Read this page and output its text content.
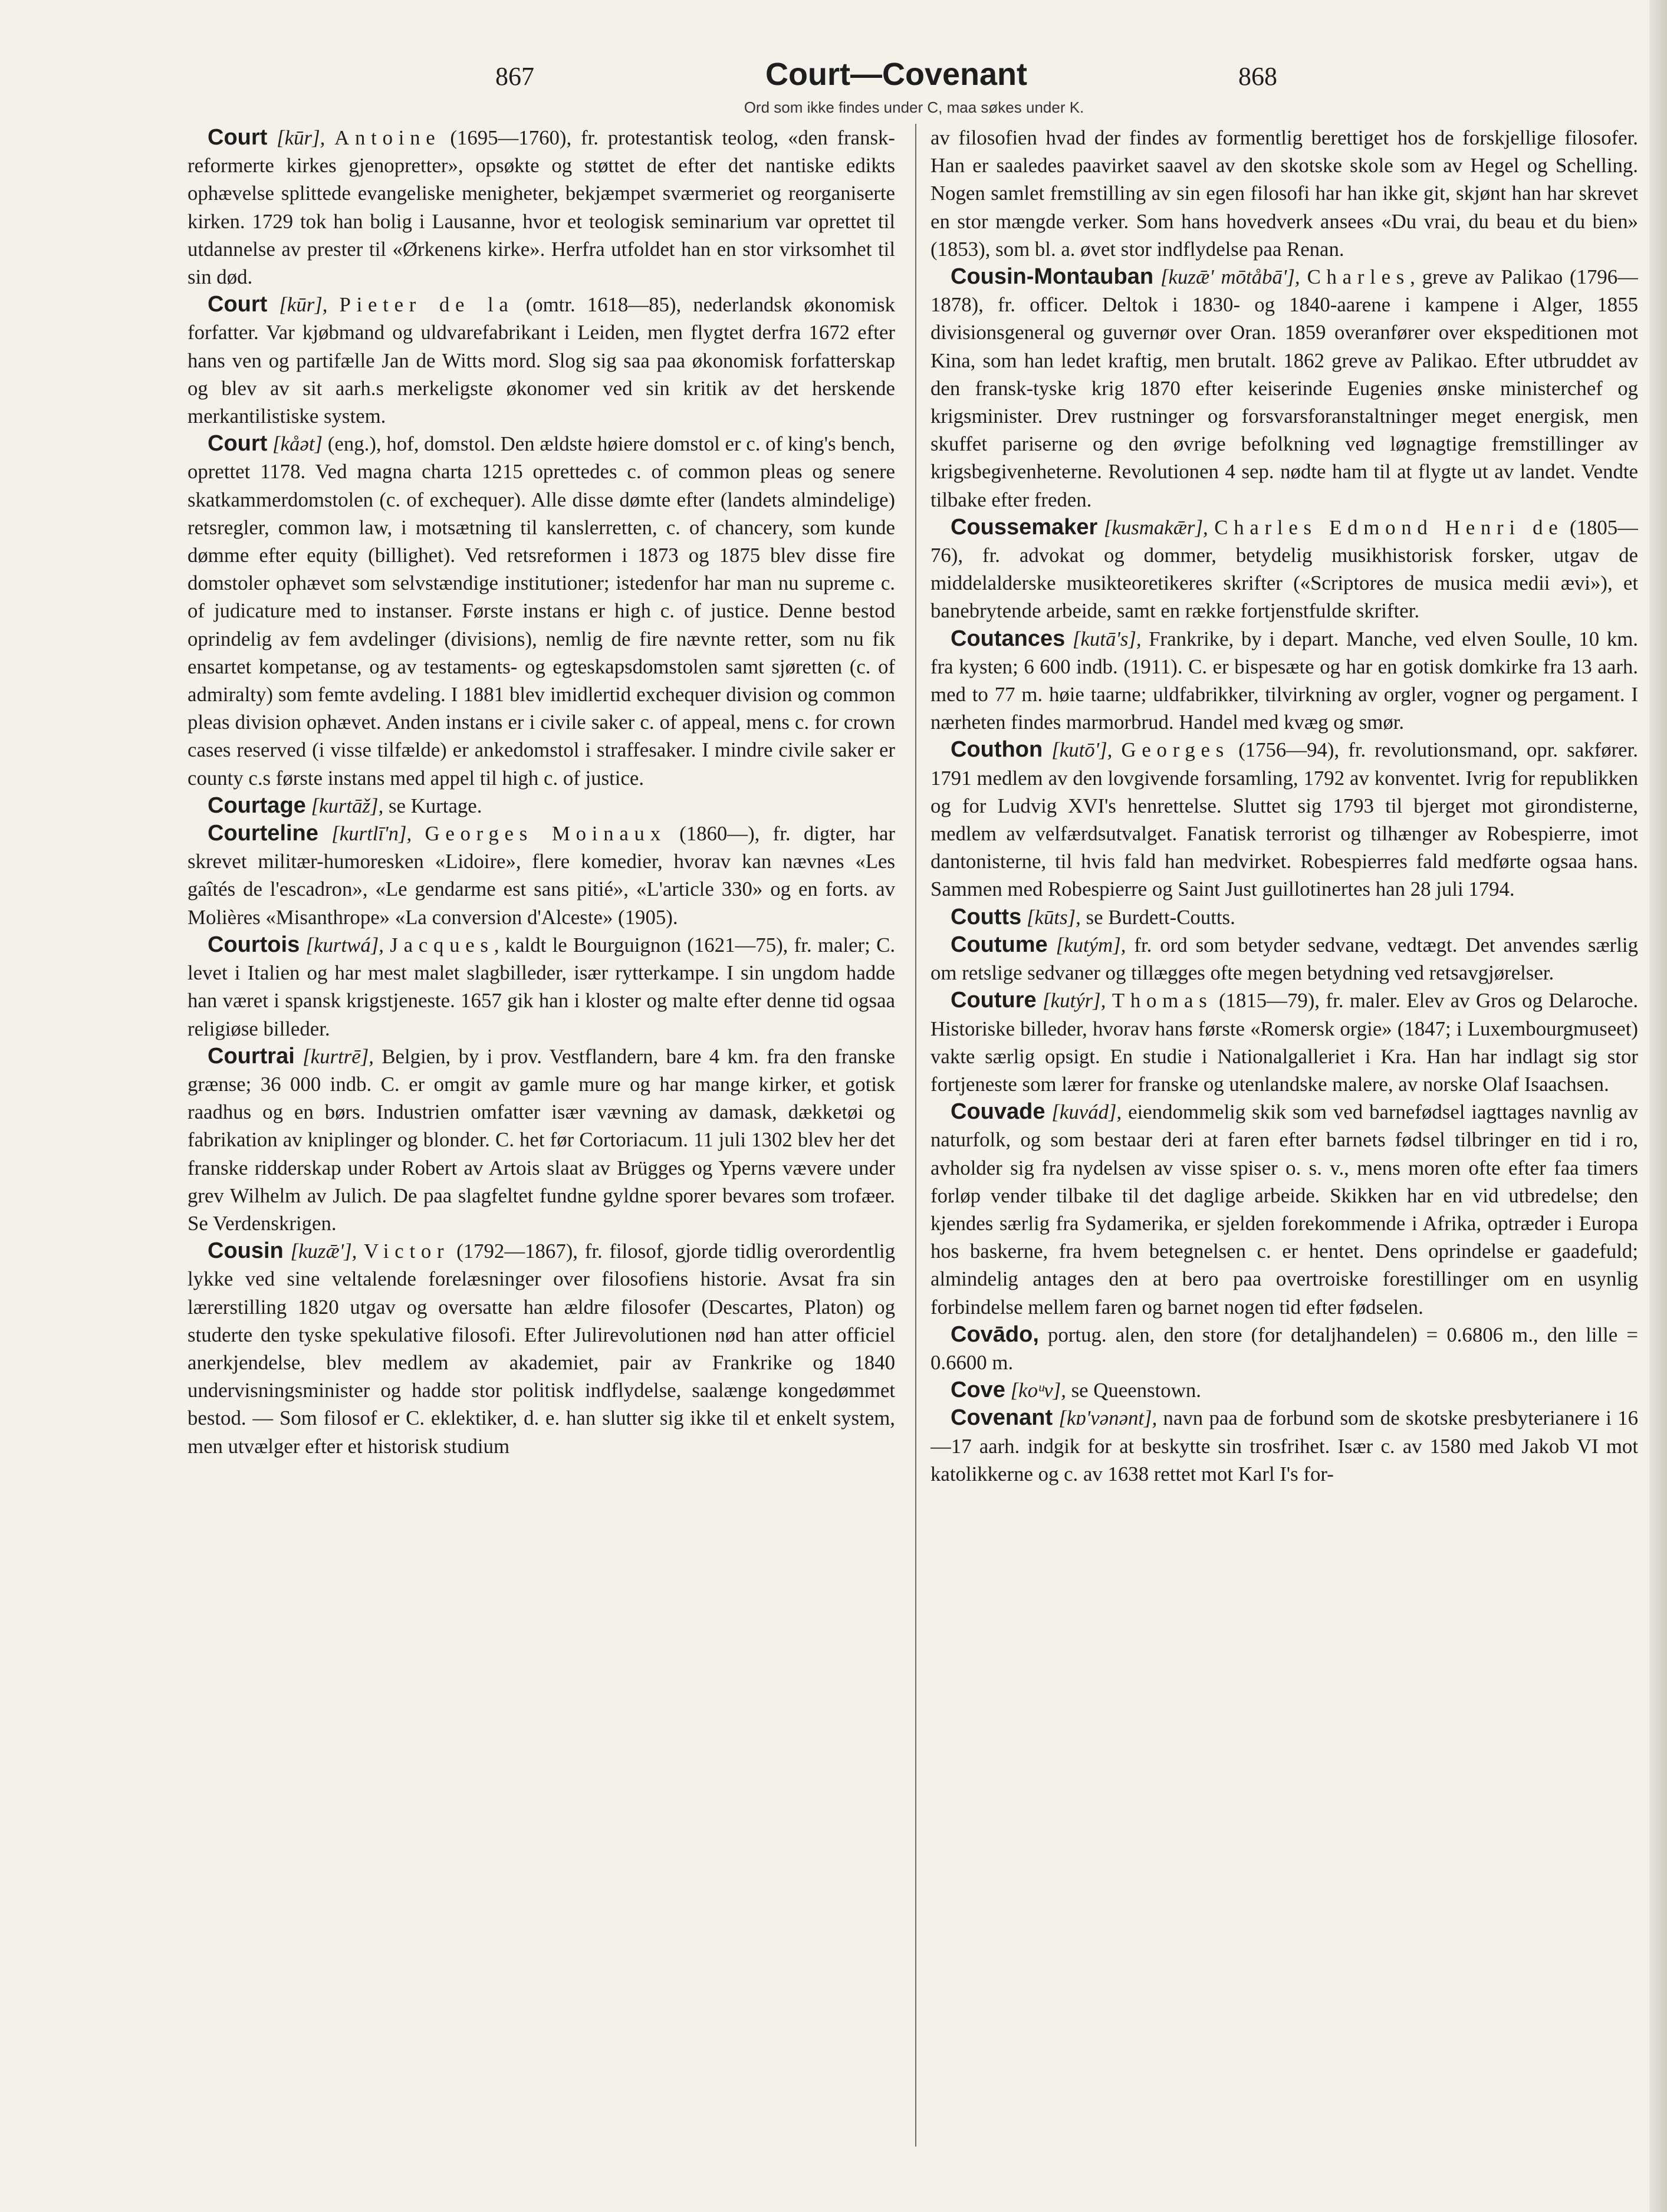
867	Court—Covenant	868
Ord som ikke findes under C, maa søkes under K.

Court [kūr], Antoine (1695—1760), fr. protestantisk teolog, «den fransk-reformerte kirkes gjenopretter», opsøkte og støttet de efter det nantiske edikts ophævelse splittede evangeliske menigheter, bekjæmpet sværmeriet og reorganiserte kirken. 1729 tok han bolig i Lausanne, hvor et teologisk seminarium var oprettet til utdannelse av prester til «Ørkenens kirke». Herfra utfoldet han en stor virksomhet til sin død.

Court [kūr], Pieter de la (omtr. 1618—85), nederlandsk økonomisk forfatter. Var kjøbmand og uldvarefabrikant i Leiden, men flygtet derfra 1672 efter hans ven og partifælle Jan de Witts mord. Slog sig saa paa økonomisk forfatterskap og blev av sit aarh.s merkeligste økonomer ved sin kritik av det herskende merkantilistiske system.

Court [kåət] (eng.), hof, domstol. Den ældste høiere domstol er c. of king's bench, oprettet 1178. Ved magna charta 1215 oprettedes c. of common pleas og senere skatkammerdomstolen (c. of exchequer). Alle disse dømte efter (landets almindelige) retsregler, common law, i motsætning til kanslerretten, c. of chancery, som kunde dømme efter equity (billighet). Ved retsreformen i 1873 og 1875 blev disse fire domstoler ophævet som selvstændige institutioner; istedenfor har man nu supreme c. of judicature med to instanser. Første instans er high c. of justice. Denne bestod oprindelig av fem avdelinger (divisions), nemlig de fire nævnte retter, som nu fik ensartet kompetanse, og av testaments- og egteskapsdomstolen samt sjøretten (c. of admiralty) som femte avdeling. I 1881 blev imidlertid exchequer division og common pleas division ophævet. Anden instans er i civile saker c. of appeal, mens c. for crown cases reserved (i visse tilfælde) er ankedomstol i straffesaker. I mindre civile saker er county c.s første instans med appel til high c. of justice.

Courtage [kurtāž], se Kurtage.

Courteline [kurtlī'n], Georges Moinaux (1860—), fr. digter, har skrevet militær-humoresken «Lidoire», flere komedier, hvorav kan nævnes «Les gaîtés de l'escadron», «Le gendarme est sans pitié», «L'article 330» og en forts. av Molières «Misanthrope» «La conversion d'Alceste» (1905).

Courtois [kurtwá], Jacques, kaldt le Bourguignon (1621—75), fr. maler; C. levet i Italien og har mest malet slagbilleder, især rytterkampe. I sin ungdom hadde han været i spansk krigstjeneste. 1657 gik han i kloster og malte efter denne tid ogsaa religiøse billeder.

Courtrai [kurtrē], Belgien, by i prov. Vestflandern, bare 4 km. fra den franske grænse; 36 000 indb. C. er omgit av gamle mure og har mange kirker, et gotisk raadhus og en børs. Industrien omfatter især vævning av damask, dækketøi og fabrikation av kniplinger og blonder. C. het før Cortoriacum. 11 juli 1302 blev her det franske ridderskap under Robert av Artois slaat av Brügges og Yperns vævere under grev Wilhelm av Julich. De paa slagfeltet fundne gyldne sporer bevares som trofæer. Se Verdenskrigen.

Cousin [kuzǣ'], Victor (1792—1867), fr. filosof, gjorde tidlig overordentlig lykke ved sine veltalende forelæsninger over filosofiens historie. Avsat fra sin lærerstilling 1820 utgav og oversatte han ældre filosofer (Descartes, Platon) og studerte den tyske spekulative filosofi. Efter Julirevolutionen nød han atter officiel anerkjendelse, blev medlem av akademiet, pair av Frankrike og 1840 undervisningsminister og hadde stor politisk indflydelse, saalænge kongedømmet bestod. — Som filosof er C. eklektiker, d. e. han slutter sig ikke til et enkelt system, men utvælger efter et historisk studium

av filosofien hvad der findes av formentlig berettiget hos de forskjellige filosofer. Han er saaledes paavirket saavel av den skotske skole som av Hegel og Schelling. Nogen samlet fremstilling av sin egen filosofi har han ikke git, skjønt han har skrevet en stor mængde verker. Som hans hovedverk ansees «Du vrai, du beau et du bien» (1853), som bl. a. øvet stor indflydelse paa Renan.

Cousin-Montauban [kuzǣ' mōtåbā'], Charles, greve av Palikao (1796—1878), fr. officer. Deltok i 1830- og 1840-aarene i kampene i Alger, 1855 divisionsgeneral og guvernør over Oran. 1859 overanfører over ekspeditionen mot Kina, som han ledet kraftig, men brutalt. 1862 greve av Palikao. Efter utbruddet av den fransk-tyske krig 1870 efter keiserinde Eugenies ønske ministerchef og krigsminister. Drev rustninger og forsvarsforanstaltninger meget energisk, men skuffet pariserne og den øvrige befolkning ved løgnagtige fremstillinger av krigsbegivenheterne. Revolutionen 4 sep. nødte ham til at flygte ut av landet. Vendte tilbake efter freden.

Coussemaker [kusmakǣr], Charles Edmond Henri de (1805—76), fr. advokat og dommer, betydelig musikhistorisk forsker, utgav de middelalderske musikteoretikeres skrifter («Scriptores de musica medii ævi»), et banebrytende arbeide, samt en række fortjenstfulde skrifter.

Coutances [kutā's], Frankrike, by i depart. Manche, ved elven Soulle, 10 km. fra kysten; 6 600 indb. (1911). C. er bispesæte og har en gotisk domkirke fra 13 aarh. med to 77 m. høie taarne; uldfabrikker, tilvirkning av orgler, vogner og pergament. I nærheten findes marmorbrud. Handel med kvæg og smør.

Couthon [kutō'], Georges (1756—94), fr. revolutionsmand, opr. sakfører. 1791 medlem av den lovgivende forsamling, 1792 av konventet. Ivrig for republikken og for Ludvig XVI's henrettelse. Sluttet sig 1793 til bjerget mot girondisterne, medlem av velfærdsutvalget. Fanatisk terrorist og tilhænger av Robespierre, imot dantonisterne, til hvis fald han medvirket. Robespierres fald medførte ogsaa hans. Sammen med Robespierre og Saint Just guillotinertes han 28 juli 1794.

Coutts [kūts], se Burdett-Coutts.

Coutume [kutým], fr. ord som betyder sedvane, vedtægt. Det anvendes særlig om retslige sedvaner og tillægges ofte megen betydning ved retsavgjørelser.

Couture [kutýr], Thomas (1815—79), fr. maler. Elev av Gros og Delaroche. Historiske billeder, hvorav hans første «Romersk orgie» (1847; i Luxembourgmuseet) vakte særlig opsigt. En studie i Nationalgalleriet i Kra. Han har indlagt sig stor fortjeneste som lærer for franske og utenlandske malere, av norske Olaf Isaachsen.

Couvade [kuvád], eiendommelig skik som ved barnefødsel iagttages navnlig av naturfolk, og som bestaar deri at faren efter barnets fødsel tilbringer en tid i ro, avholder sig fra nydelsen av visse spiser o. s. v., mens moren ofte efter faa timers forløp vender tilbake til det daglige arbeide. Skikken har en vid utbredelse; den kjendes særlig fra Sydamerika, er sjelden forekommende i Afrika, optræder i Europa hos baskerne, fra hvem betegnelsen c. er hentet. Dens oprindelse er gaadefuld; almindelig antages den at bero paa overtroiske forestillinger om en usynlig forbindelse mellem faren og barnet nogen tid efter fødselen.

Covādo, portug. alen, den store (for detaljhandelen) = 0.6806 m., den lille = 0.6600 m.

Cove [koᵘv], se Queenstown.

Covenant [kɒ'vənənt], navn paa de forbund som de skotske presbyterianere i 16—17 aarh. indgik for at beskytte sin trosfrihet. Især c. av 1580 med Jakob VI mot katolikkerne og c. av 1638 rettet mot Karl I's for-
